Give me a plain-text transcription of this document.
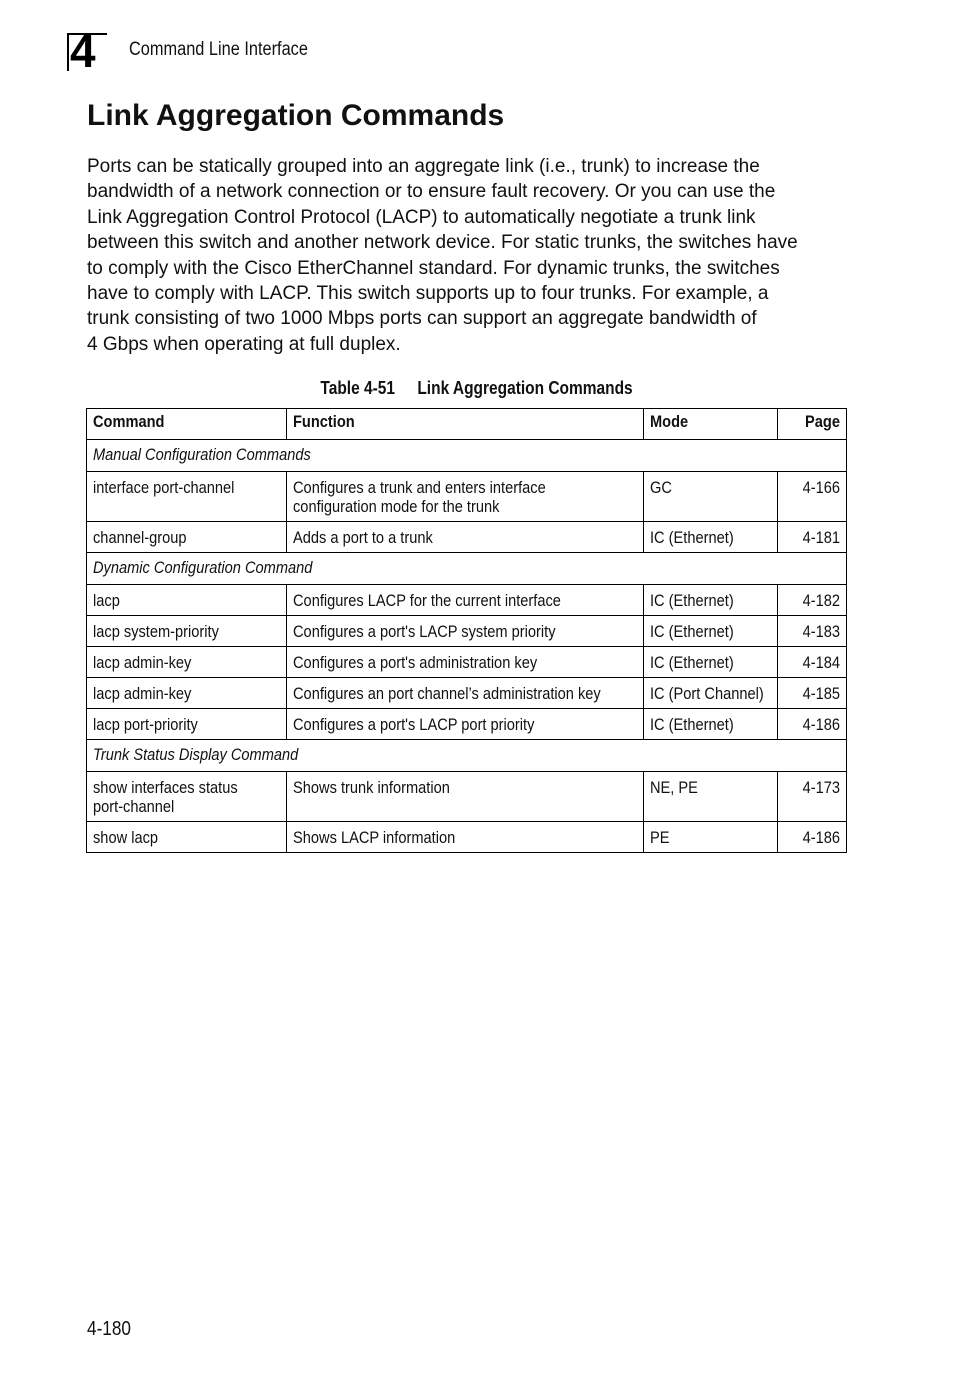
4 Command Line Interface
Link Aggregation Commands
Ports can be statically grouped into an aggregate link (i.e., trunk) to increase the
bandwidth of a network connection or to ensure fault recovery. Or you can use the
Link Aggregation Control Protocol (LACP) to automatically negotiate a trunk link
between this switch and another network device. For static trunks, the switches have
to comply with the Cisco EtherChannel standard. For dynamic trunks, the switches
have to comply with LACP. This switch supports up to four trunks. For example, a
trunk consisting of two 1000 Mbps ports can support an aggregate bandwidth of
4 Gbps when operating at full duplex.
Table 4-51 Link Aggregation Commands
Command	Function	Mode	Page

Manual Configuration Commands			

interface port-channel	Configures a trunk and enters interface
configuration mode for the trunk	GC	4-166

channel-group	Adds a port to a trunk	IC (Ethernet)	4-181

Dynamic Configuration Command			

lacp	Configures LACP for the current interface	IC (Ethernet)	4-182

lacp system-priority	Configures a port's LACP system priority	IC (Ethernet)	4-183

lacp admin-key	Configures a port's administration key	IC (Ethernet)	4-184

lacp admin-key	Configures an port channel’s administration key	IC (Port Channel)	4-185

lacp port-priority	Configures a port's LACP port priority	IC (Ethernet)	4-186

Trunk Status Display Command			

show interfaces status
port-channel	Shows trunk information	NE, PE	4-173

show lacp	Shows LACP information	PE	4-186
4-180
